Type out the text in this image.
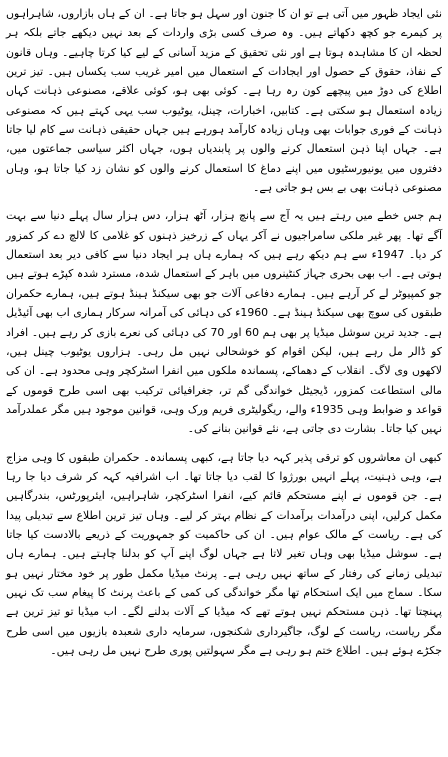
نئی ایجاد ظہور میں آتی ہے تو ان کا جنون اور سہل ہو جاتا ہے۔ ان کے ہاں بازاروں، شاہراہوں پر کیمرے جو کچھ دکھاتے ہیں۔ وہ صرف کسی بڑی واردات کے بعد نہیں دیکھے جاتے بلکہ ہر لحظہ ان کا مشاہدہ ہوتا ہے اور نئی تحقیق کے مزید آسانی کے لیے کیا کرتا چاہیے۔ وہاں قانون کے نفاذ، حقوق کے حصول اور ایجادات کے استعمال میں امیر غریب سب یکساں ہیں۔ تیز ترین اطلاع کی دوڑ میں پیچھے کون رہ رہا ہے۔ کوئی بھی ہو، کوئی علاقے، مصنوعی ذہانت کہاں زیادہ استعمال ہو سکتی ہے۔ کتابیں، اخبارات، چینل، یوٹیوب سب یہی کہتے ہیں کہ مصنوعی ذہانت کے فوری جوابات بھی وہاں زیادہ کارآمد ہورہے ہیں جہاں حقیقی ذہانت سے کام لیا جاتا ہے۔ جہاں اپنا ذہن استعمال کرنے والوں پر پابندیاں ہوں، جہاں اکثر سیاسی جماعتوں میں، دفتروں میں یونیورسٹیوں میں اپنے دماغ کا استعمال کرنے والوں کو نشان زد کیا جاتا ہو، وہاں مصنوعی ذہانت بھی بے بس ہو جاتی ہے۔

ہم جس خطے میں رہتے ہیں یہ آج سے پانچ ہزار، آٹھ ہزار، دس ہزار سال پہلے دنیا سے بہت آگے تھا۔ پھر غیر ملکی سامراجیوں نے آکر یہاں کے زرخیز ذہنوں کو غلامی کا لالچ دے کر کمزور کر دیا۔ 1947ء سے ہم دیکھ رہے ہیں کہ ہمارے ہاں ہر ایجاد دنیا سے کافی دیر بعد استعمال ہوتی ہے۔ اب بھی بحری جہاز کنٹینروں میں باہر کے استعمال شدہ، مسترد شدہ کپڑے ہوتے ہیں جو کمپیوٹر لے کر آرہے ہیں۔ ہمارے دفاعی آلات جو بھی سیکنڈ ہینڈ ہوتے ہیں، ہمارے حکمران طبقوں کی سوچ بھی سیکنڈ ہینڈ ہے۔ 1960ء کی دہائی کی آمرانہ سرکار ہماری اب بھی آئیڈیل ہے۔ جدید ترین سوشل میڈیا پر بھی ہم 60 اور 70 کی دہائی کی نعرے بازی کر رہے ہیں۔ افراد کو ڈالر مل رہے ہیں، لیکن اقوام کو خوشحالی نہیں مل رہی۔ ہزاروں یوٹیوب چینل ہیں، لاکھوں وی لاگ۔ انقلاب کے دھماکے، پسماندہ ملکوں میں انفرا اسٹرکچر وہی محدود ہے۔ ان کی مالی استطاعت کمزور، ڈیجیٹل خواندگی گم تر، جغرافیائی ترکیب بھی اسی طرح قوموں کے قواعد و ضوابط وہی 1935ء والے، ریگولیٹری فریم ورک وہی، قوانین موجود ہیں مگر عملدرآمد نہیں کیا جاتا۔ بشارت دی جاتی ہے، نئے قوانین بنانے کی۔

کبھی ان معاشروں کو ترقی پذیر کہہ دیا جاتا ہے، کبھی پسماندہ۔ حکمران طبقوں کا وہی مزاج ہے، وہی ذہنیت، پہلے انہیں بورژوا کا لقب دیا جاتا تھا۔ اب اشرافیہ کہہ کر شرف دیا جا رہا ہے۔ جن قوموں نے اپنے مستحکم قائم کیے، انفرا اسٹرکچر، شاہراہیں، ایئرپورٹس، بندرگاہیں مکمل کرلیں، اپنی درآمدات برآمدات کے نظام بہتر کر لیے۔ وہاں تیز ترین اطلاع سے تبدیلی پیدا کی ہے۔ ریاست کے مالک عوام ہیں۔ ان کی حاکمیت کو جمہوریت کے ذریعے بالادست کیا جاتا ہے۔ سوشل میڈیا بھی وہاں تغیر لاتا ہے جہاں لوگ اپنے آپ کو بدلنا چاہتے ہیں۔ ہمارے ہاں تبدیلی زمانے کی رفتار کے ساتھ نہیں رہی ہے۔ پرنٹ میڈیا مکمل طور پر خود مختار نہیں ہو سکا۔ سماج میں ایک استحکام تھا مگر خواندگی کی کمی کے باعث پرنٹ کا پیغام سب تک نہیں پہنچتا تھا۔ ذہن مستحکم نہیں ہوتے تھے کہ میڈیا کے آلات بدلنے لگے۔ اب میڈیا تو تیز ترین ہے مگر ریاست، ریاست کے لوگ، جاگیرداری شکنجوں، سرمایہ داری شعبدہ بازیوں میں اسی طرح جکڑے ہوئے ہیں۔ اطلاع ختم ہو رہی ہے مگر سہولتیں پوری طرح نہیں مل رہی ہیں۔
